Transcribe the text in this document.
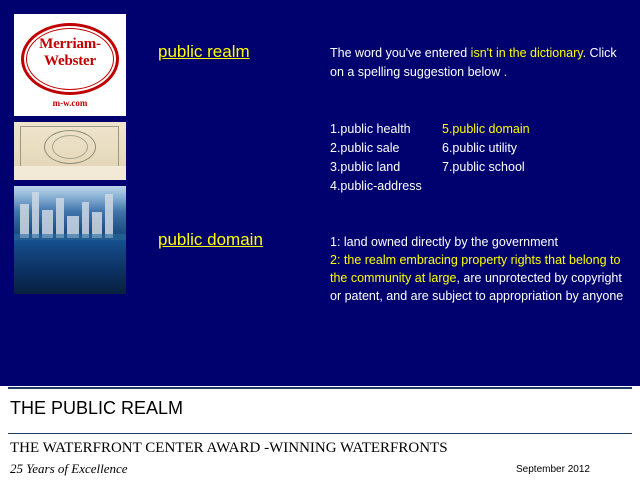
Merriam-
Webster
m-w.com
public realm	The word you've entered isn't in the dictionary. Click on a spelling suggestion below .
1.public health	5.public domain
2.public sale	6.public utility
3.public land	7.public school
4.public-address
public domain	1: land owned directly by the government
2: the realm embracing property rights that belong to the community at large, are unprotected by copyright or patent, and are subject to appropriation by anyone
THE PUBLIC REALM
THE WATERFRONT CENTER AWARD -WINNING WATERFRONTS
25 Years of Excellence	September 2012
